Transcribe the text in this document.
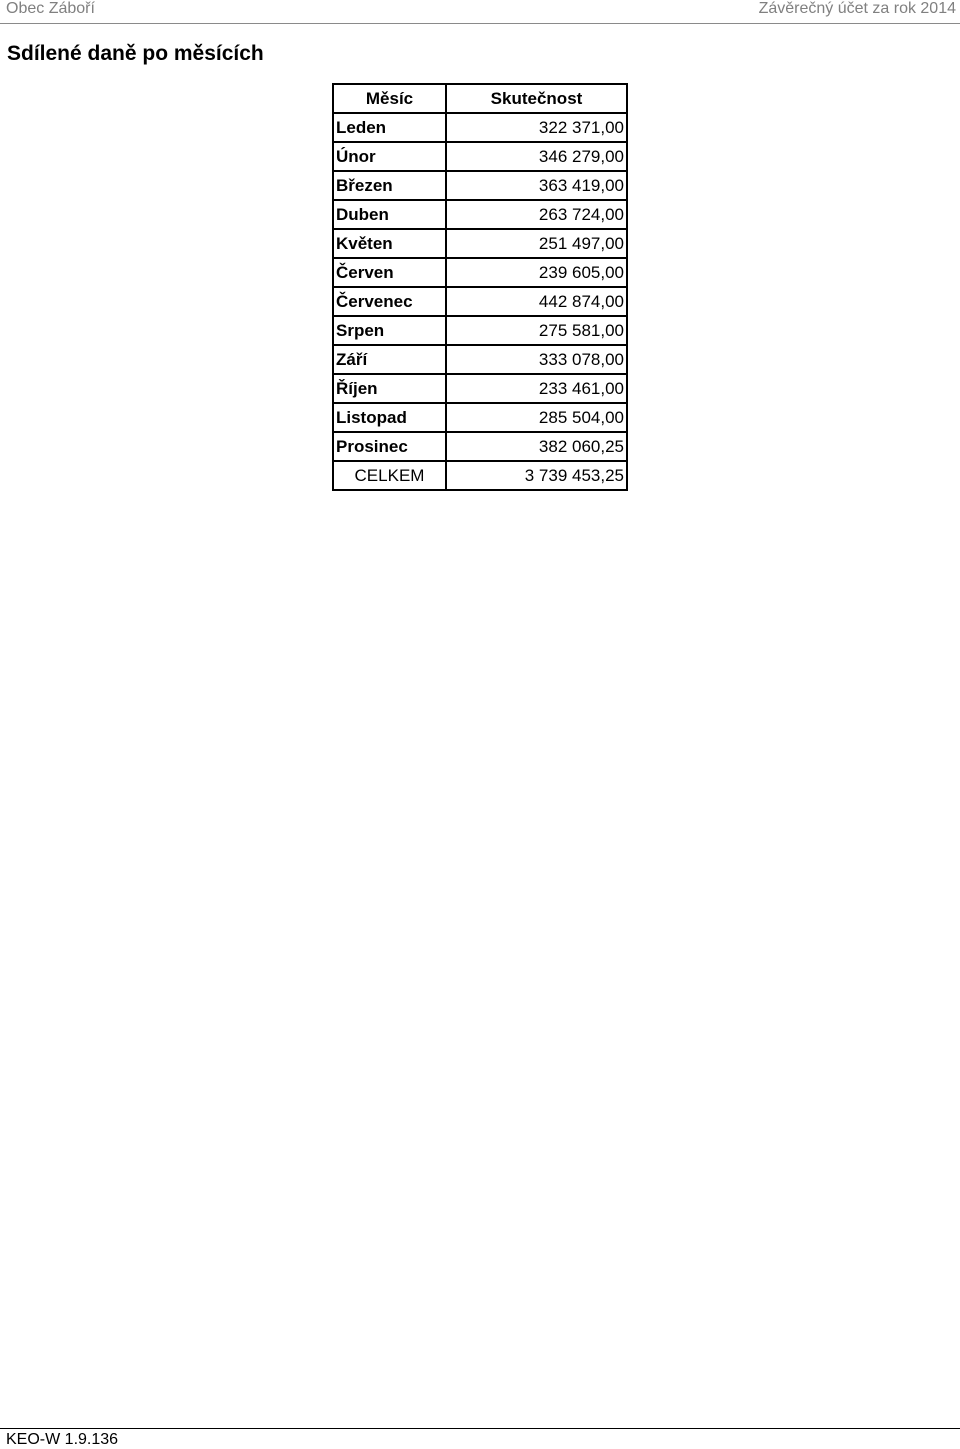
Obec Záboří	Závěrečný účet za rok 2014
Sdílené daně po měsících
Měsíc	Skutečnost
Leden	322 371,00
Únor	346 279,00
Březen	363 419,00
Duben	263 724,00
Květen	251 497,00
Červen	239 605,00
Červenec	442 874,00
Srpen	275 581,00
Září	333 078,00
Říjen	233 461,00
Listopad	285 504,00
Prosinec	382 060,25
CELKEM	3 739 453,25
KEO-W 1.9.136
